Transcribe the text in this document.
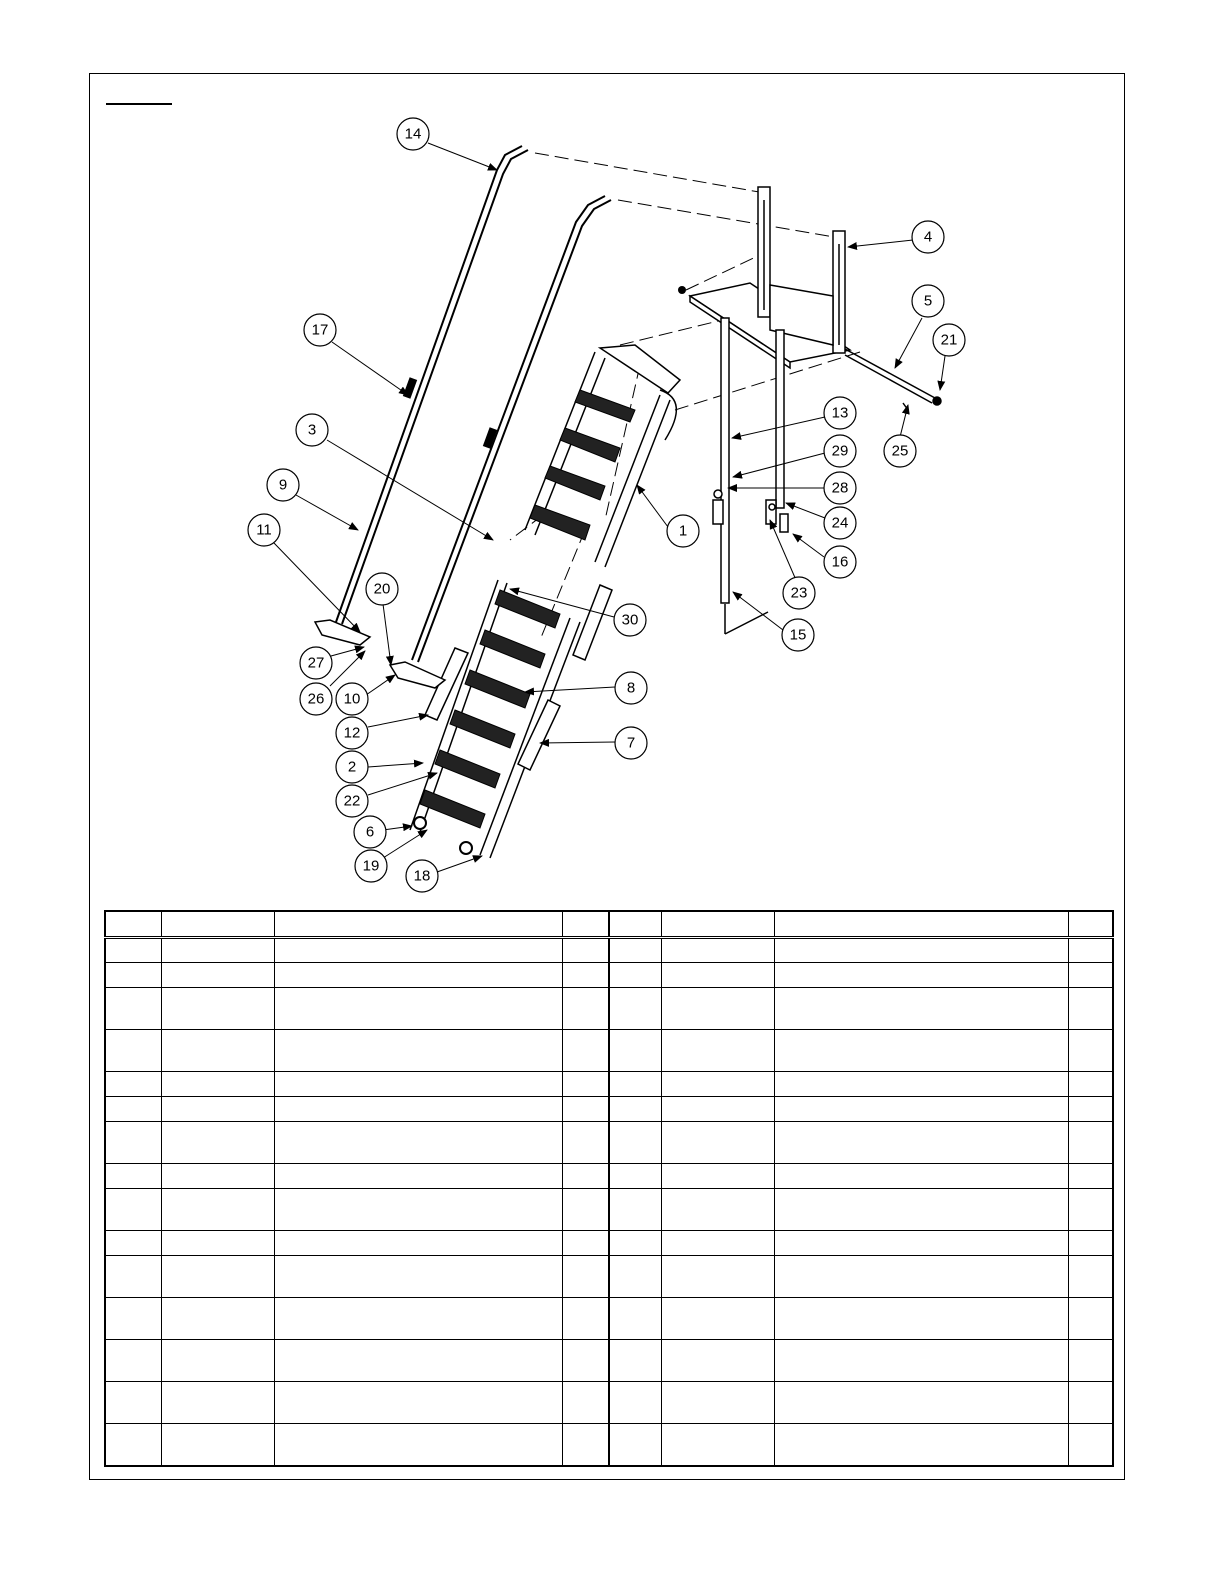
14
4
5
21
17
3
9
11
20
27
26 10
12
2
22
6
19
18
1
13
29	25
28
24
16
23
15
30
8
7
